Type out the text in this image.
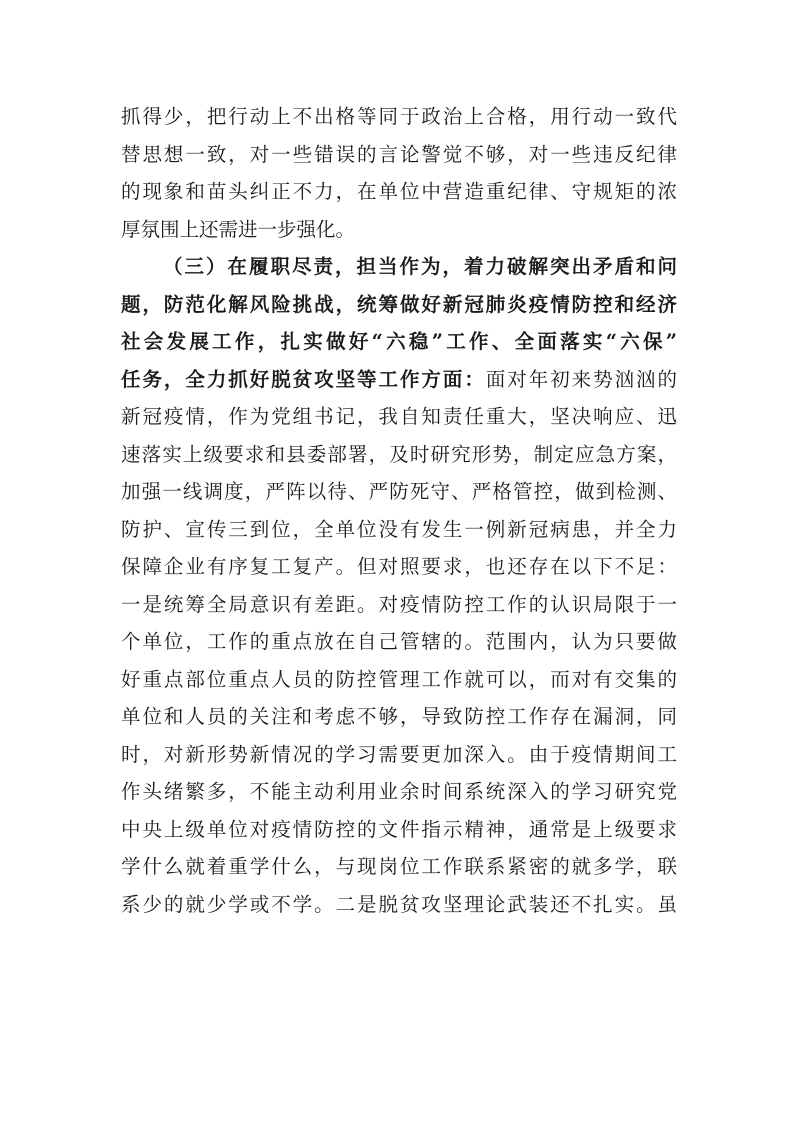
抓得少，把行动上不出格等同于政治上合格，用行动一致代
替思想一致，对一些错误的言论警觉不够，对一些违反纪律
的现象和苗头纠正不力，在单位中营造重纪律、守规矩的浓
厚氛围上还需进一步强化。
（三）在履职尽责，担当作为，着力破解突出矛盾和问
题，防范化解风险挑战，统筹做好新冠肺炎疫情防控和经济
社会发展工作，扎实做好“六稳”工作、全面落实“六保”
任务，全力抓好脱贫攻坚等工作方面：面对年初来势汹汹的
新冠疫情，作为党组书记，我自知责任重大，坚决响应、迅
速落实上级要求和县委部署，及时研究形势，制定应急方案，
加强一线调度，严阵以待、严防死守、严格管控，做到检测、
防护、宣传三到位，全单位没有发生一例新冠病患，并全力
保障企业有序复工复产。但对照要求，也还存在以下不足：
一是统筹全局意识有差距。对疫情防控工作的认识局限于一
个单位，工作的重点放在自己管辖的。范围内，认为只要做
好重点部位重点人员的防控管理工作就可以，而对有交集的
单位和人员的关注和考虑不够，导致防控工作存在漏洞，同
时，对新形势新情况的学习需要更加深入。由于疫情期间工
作头绪繁多，不能主动利用业余时间系统深入的学习研究党
中央上级单位对疫情防控的文件指示精神，通常是上级要求
学什么就着重学什么，与现岗位工作联系紧密的就多学，联
系少的就少学或不学。二是脱贫攻坚理论武装还不扎实。虽
